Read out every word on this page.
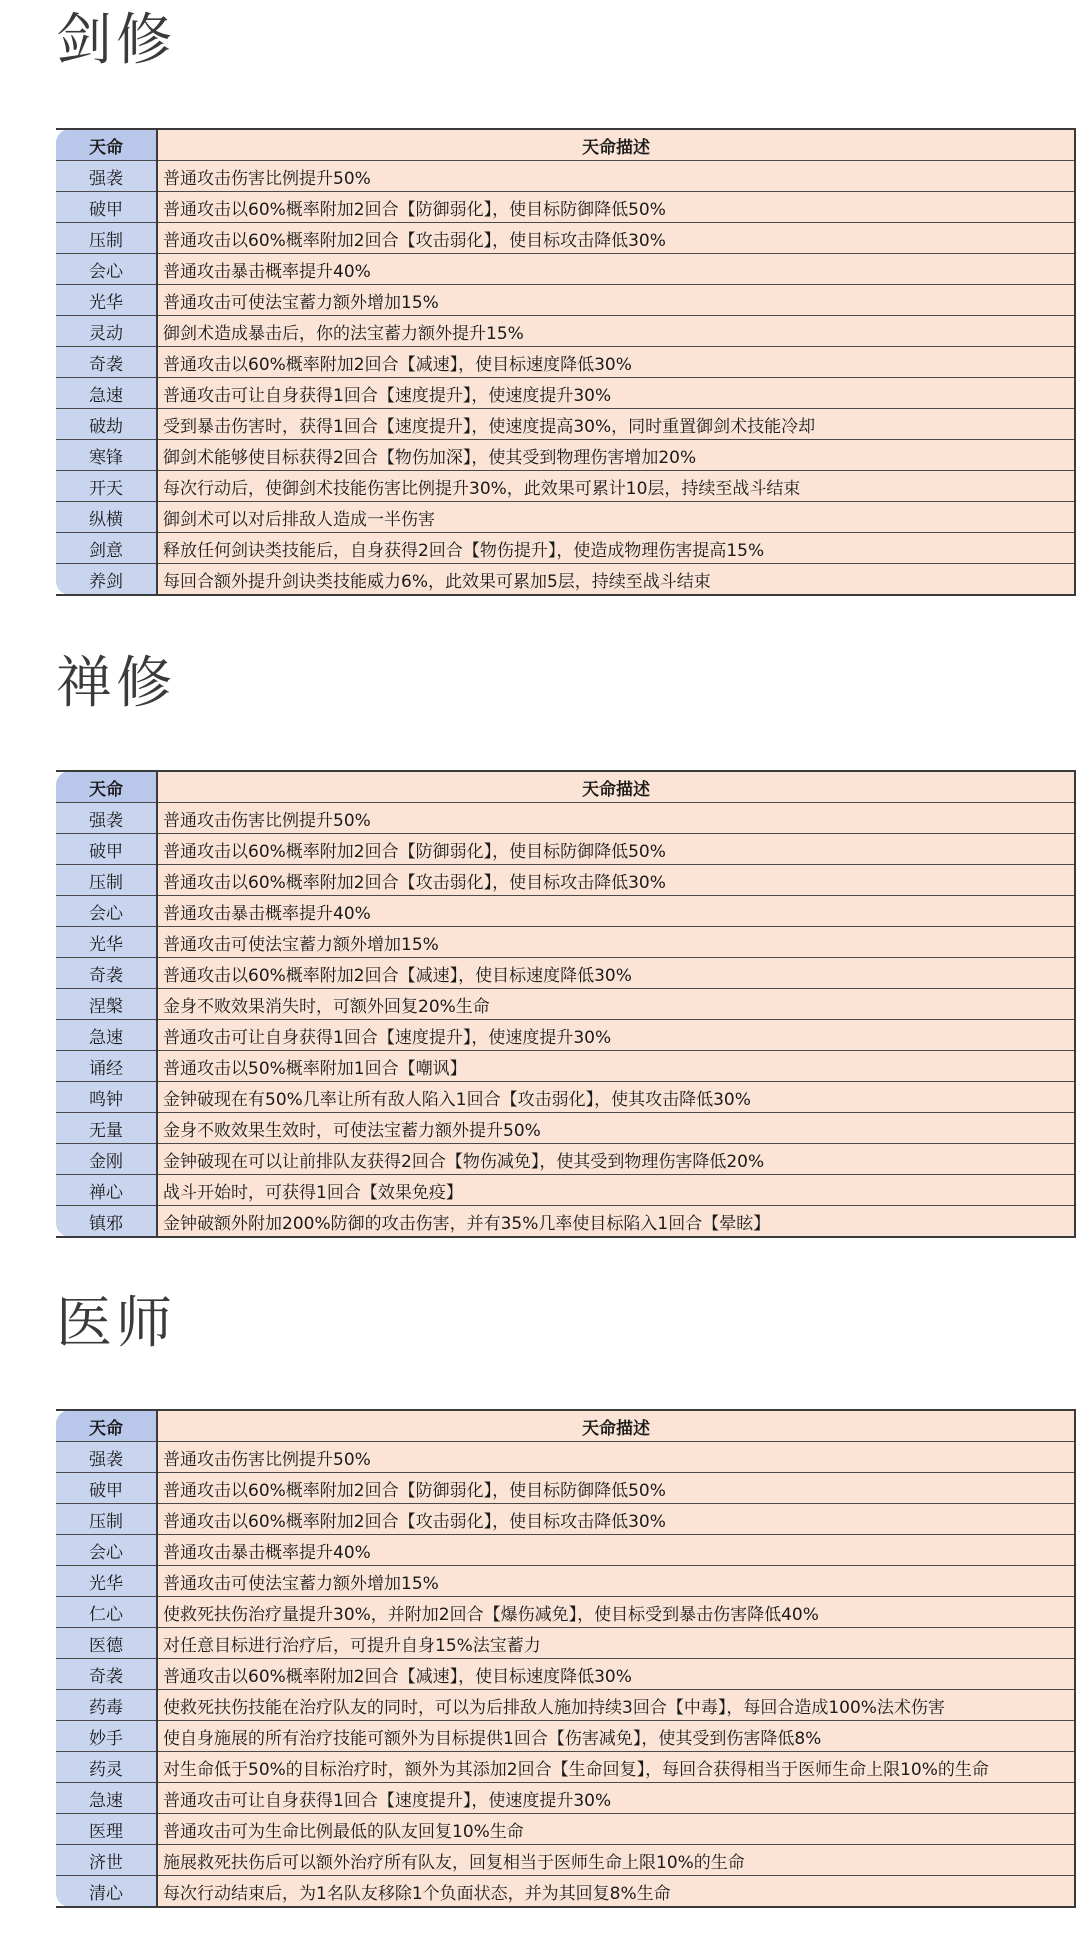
剑修
天命	天命描述
强袭	普通攻击伤害比例提升50%
破甲	普通攻击以60%概率附加2回合【防御弱化】，使目标防御降低50%
压制	普通攻击以60%概率附加2回合【攻击弱化】，使目标攻击降低30%
会心	普通攻击暴击概率提升40%
光华	普通攻击可使法宝蓄力额外增加15%
灵动	御剑术造成暴击后，你的法宝蓄力额外提升15%
奇袭	普通攻击以60%概率附加2回合【减速】，使目标速度降低30%
急速	普通攻击可让自身获得1回合【速度提升】，使速度提升30%
破劫	受到暴击伤害时，获得1回合【速度提升】，使速度提高30%，同时重置御剑术技能冷却
寒锋	御剑术能够使目标获得2回合【物伤加深】，使其受到物理伤害增加20%
开天	每次行动后，使御剑术技能伤害比例提升30%，此效果可累计10层，持续至战斗结束
纵横	御剑术可以对后排敌人造成一半伤害
剑意	释放任何剑诀类技能后，自身获得2回合【物伤提升】，使造成物理伤害提高15%
养剑	每回合额外提升剑诀类技能威力6%，此效果可累加5层，持续至战斗结束
禅修
天命	天命描述
强袭	普通攻击伤害比例提升50%
破甲	普通攻击以60%概率附加2回合【防御弱化】，使目标防御降低50%
压制	普通攻击以60%概率附加2回合【攻击弱化】，使目标攻击降低30%
会心	普通攻击暴击概率提升40%
光华	普通攻击可使法宝蓄力额外增加15%
奇袭	普通攻击以60%概率附加2回合【减速】，使目标速度降低30%
涅槃	金身不败效果消失时，可额外回复20%生命
急速	普通攻击可让自身获得1回合【速度提升】，使速度提升30%
诵经	普通攻击以50%概率附加1回合【嘲讽】
鸣钟	金钟破现在有50%几率让所有敌人陷入1回合【攻击弱化】，使其攻击降低30%
无量	金身不败效果生效时，可使法宝蓄力额外提升50%
金刚	金钟破现在可以让前排队友获得2回合【物伤减免】，使其受到物理伤害降低20%
禅心	战斗开始时，可获得1回合【效果免疫】
镇邪	金钟破额外附加200%防御的攻击伤害，并有35%几率使目标陷入1回合【晕眩】
医师
天命	天命描述
强袭	普通攻击伤害比例提升50%
破甲	普通攻击以60%概率附加2回合【防御弱化】，使目标防御降低50%
压制	普通攻击以60%概率附加2回合【攻击弱化】，使目标攻击降低30%
会心	普通攻击暴击概率提升40%
光华	普通攻击可使法宝蓄力额外增加15%
仁心	使救死扶伤治疗量提升30%，并附加2回合【爆伤减免】，使目标受到暴击伤害降低40%
医德	对任意目标进行治疗后，可提升自身15%法宝蓄力
奇袭	普通攻击以60%概率附加2回合【减速】，使目标速度降低30%
药毒	使救死扶伤技能在治疗队友的同时，可以为后排敌人施加持续3回合【中毒】，每回合造成100%法术伤害
妙手	使自身施展的所有治疗技能可额外为目标提供1回合【伤害减免】，使其受到伤害降低8%
药灵	对生命低于50%的目标治疗时，额外为其添加2回合【生命回复】，每回合获得相当于医师生命上限10%的生命
急速	普通攻击可让自身获得1回合【速度提升】，使速度提升30%
医理	普通攻击可为生命比例最低的队友回复10%生命
济世	施展救死扶伤后可以额外治疗所有队友，回复相当于医师生命上限10%的生命
清心	每次行动结束后，为1名队友移除1个负面状态，并为其回复8%生命
